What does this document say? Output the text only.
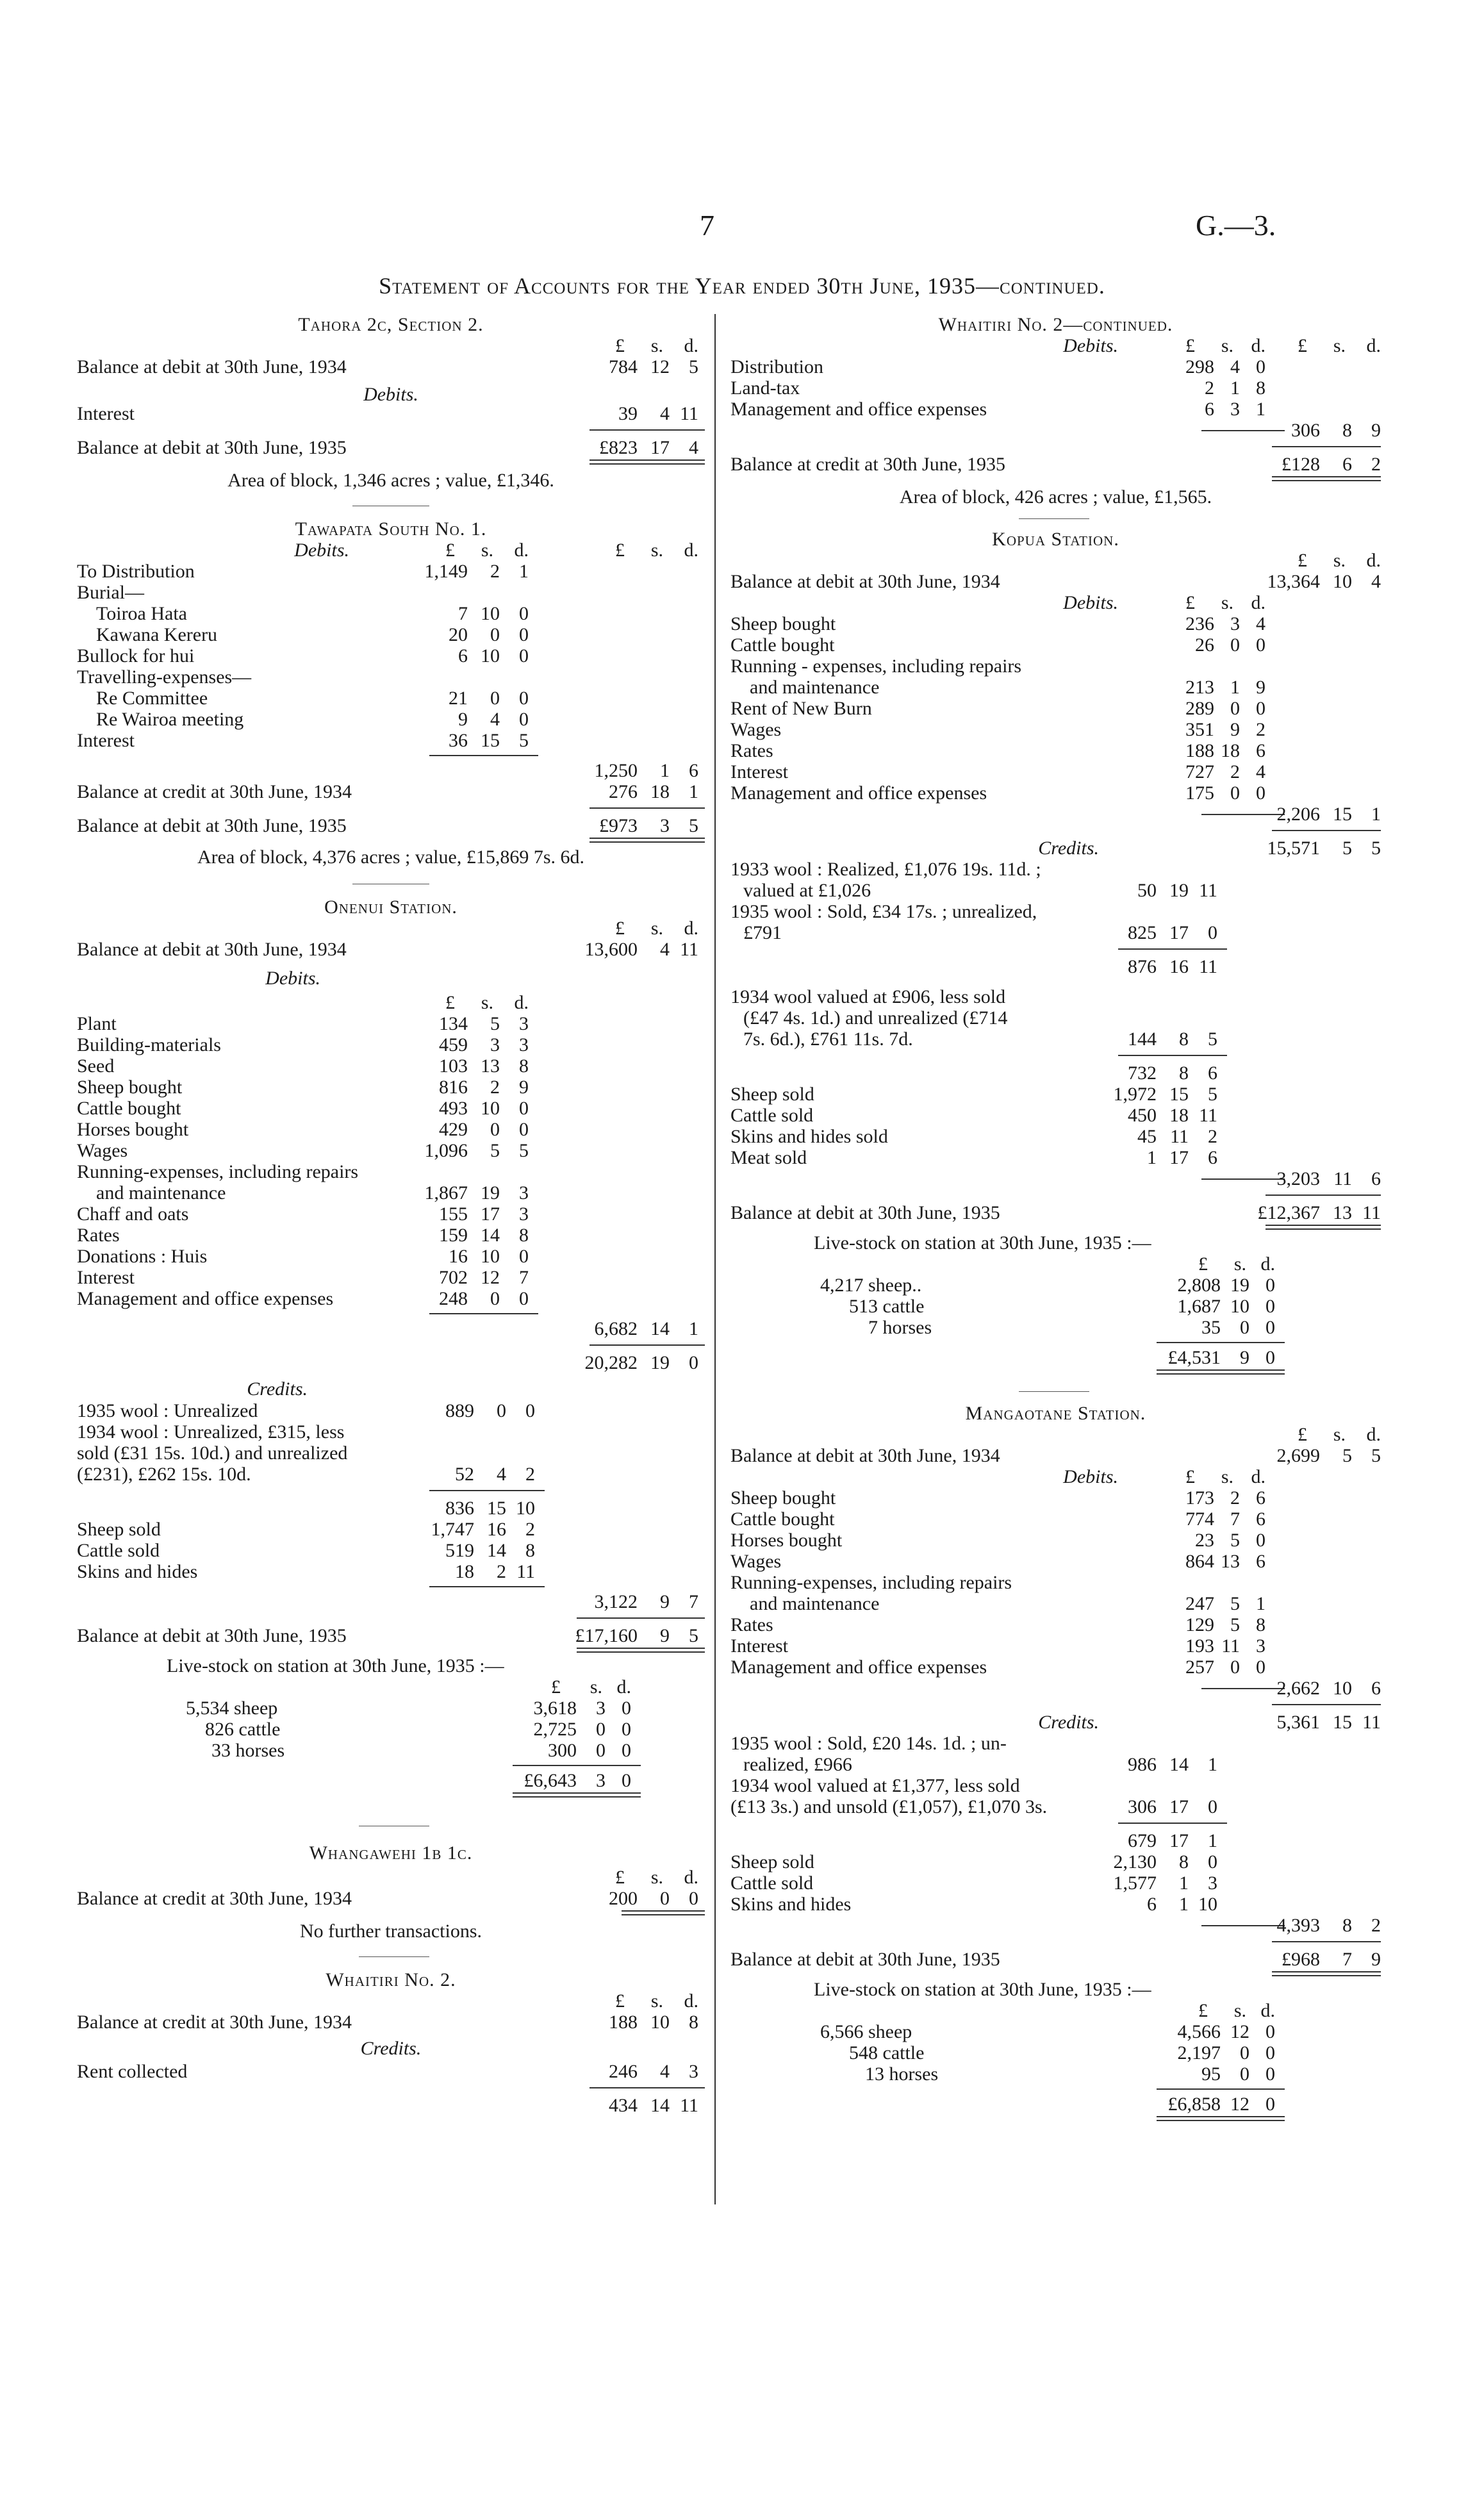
7	G.—3.
Statement of Accounts for the Year ended 30th June, 1935—continued.
Tahora 2c, Section 2.
£ s. d.
Balance at debit at 30th June, 1934	784 12 5
Debits.
Interest	39 4 11
Balance at debit at 30th June, 1935	£823 17 4
Area of block, 1,346 acres ; value, £1,346.
Tawapata South No. 1.
Debits.	£ s. d.	£ s. d.
To Distribution	1,149 2 1
Burial—
Toiroa Hata	7 10 0
Kawana Kereru	20 0 0
Bullock for hui	6 10 0
Travelling-expenses—
Re Committee	21 0 0
Re Wairoa meeting	9 4 0
Interest	36 15 5
1,250 1 6
Balance at credit at 30th June, 1934	276 18 1
Balance at debit at 30th June, 1935	£973 3 5
Area of block, 4,376 acres ; value, £15,869 7s. 6d.
Onenui Station.
£ s. d.
Balance at debit at 30th June, 1934	13,600 4 11
Debits.
£ s. d.
Plant	134 5 3
Building-materials	459 3 3
Seed	103 13 8
Sheep bought	816 2 9
Cattle bought	493 10 0
Horses bought	429 0 0
Wages	1,096 5 5
Running-expenses, including repairs
and maintenance	1,867 19 3
Chaff and oats	155 17 3
Rates	159 14 8
Donations : Huis	16 10 0
Interest	702 12 7
Management and office expenses	248 0 0
6,682 14 1
20,282 19 0
Credits.
1935 wool : Unrealized	889 0 0
1934 wool : Unrealized, £315, less
sold (£31 15s. 10d.) and unrealized
(£231), £262 15s. 10d.	52 4 2
836 15 10
Sheep sold	1,747 16 2
Cattle sold	519 14 8
Skins and hides	18 2 11
3,122 9 7
Balance at debit at 30th June, 1935	£17,160 9 5
Live-stock on station at 30th June, 1935 :—
£ s. d.
5,534 sheep	3,618 3 0
826 cattle	2,725 0 0
33 horses	300 0 0
£6,643 3 0
Whangawehi 1b 1c.
£ s. d.
Balance at credit at 30th June, 1934	200 0 0
No further transactions.
Whaitiri No. 2.
£ s. d.
Balance at credit at 30th June, 1934	188 10 8
Credits.
Rent collected	246 4 3
434 14 11
Whaitiri No. 2—continued.
Debits.	£ s. d. £ s. d.
Distribution	298 4 0
Land-tax	2 1 8
Management and office expenses	6 3 1
306 8 9
Balance at credit at 30th June, 1935	£128 6 2
Area of block, 426 acres ; value, £1,565.
Kopua Station.
£ s. d.
Balance at debit at 30th June, 1934	13,364 10 4
Debits.	£ s. d.
Sheep bought	236 3 4
Cattle bought	26 0 0
Running - expenses, including repairs
and maintenance	213 1 9
Rent of New Burn	289 0 0
Wages	351 9 2
Rates	188 18 6
Interest	727 2 4
Management and office expenses	175 0 0
2,206 15 1
Credits.	15,571 5 5
1933 wool : Realized, £1,076 19s. 11d. ;
valued at £1,026	50 19 11
1935 wool : Sold, £34 17s. ; unrealized,
£791	825 17 0
876 16 11
1934 wool valued at £906, less sold
(£47 4s. 1d.) and unrealized (£714
7s. 6d.), £761 11s. 7d.	144 8 5
732 8 6
Sheep sold	1,972 15 5
Cattle sold	450 18 11
Skins and hides sold	45 11 2
Meat sold	1 17 6
3,203 11 6
Balance at debit at 30th June, 1935	£12,367 13 11
Live-stock on station at 30th June, 1935 :—
£ s. d.
4,217 sheep..	2,808 19 0
513 cattle	1,687 10 0
7 horses	35 0 0
£4,531 9 0
Mangaotane Station.
£ s. d.
Balance at debit at 30th June, 1934	2,699 5 5
Debits.	£ s. d.
Sheep bought	173 2 6
Cattle bought	774 7 6
Horses bought	23 5 0
Wages	864 13 6
Running-expenses, including repairs
and maintenance	247 5 1
Rates	129 5 8
Interest	193 11 3
Management and office expenses	257 0 0
2,662 10 6
Credits.	5,361 15 11
1935 wool : Sold, £20 14s. 1d. ; un-
realized, £966	986 14 1
1934 wool valued at £1,377, less sold
(£13 3s.) and unsold (£1,057), £1,070 3s.	306 17 0
679 17 1
Sheep sold	2,130 8 0
Cattle sold	1,577 1 3
Skins and hides	6 1 10
4,393 8 2
Balance at debit at 30th June, 1935	£968 7 9
Live-stock on station at 30th June, 1935 :—
£ s. d.
6,566 sheep	4,566 12 0
548 cattle	2,197 0 0
13 horses	95 0 0
£6,858 12 0
